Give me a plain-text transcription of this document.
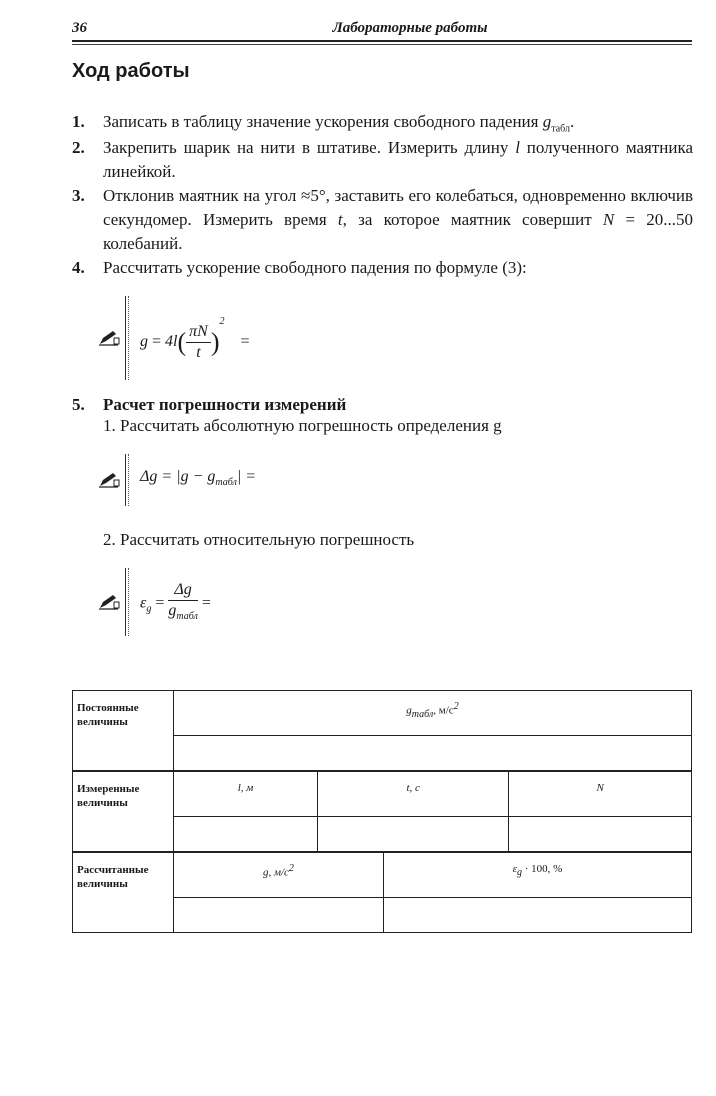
36	Лабораторные работы
Ход работы
1. Записать в таблицу значение ускорения свободного падения $g_{табл}$.
2. Закрепить шарик на нити в штативе. Измерить длину l полученного маятника линейкой.
3. Отклонив маятник на угол ≈5°, заставить его колебаться, одновременно включив секундомер. Измерить время t, за которое маятник совершит N = 20...50 колебаний.
4. Рассчитать ускорение свободного падения по формуле (3):
$g = 4l( \frac{\pi N}{t} )^2$ =
5. Расчет погрешности измерений
1. Рассчитать абсолютную погрешность определения g
$\Delta g = |g - g_{табл}|$ =
2. Рассчитать относительную погрешность
$\varepsilon_g = \frac{\Delta g}{g_{табл}}$ =
Постоянные величины	$g_{табл}$, $м/с^2$

Измеренные величины	l, м	t, с		N

Рассчитанные величины	g, $м/с^2$		$\varepsilon_g \cdot 100$, %	
